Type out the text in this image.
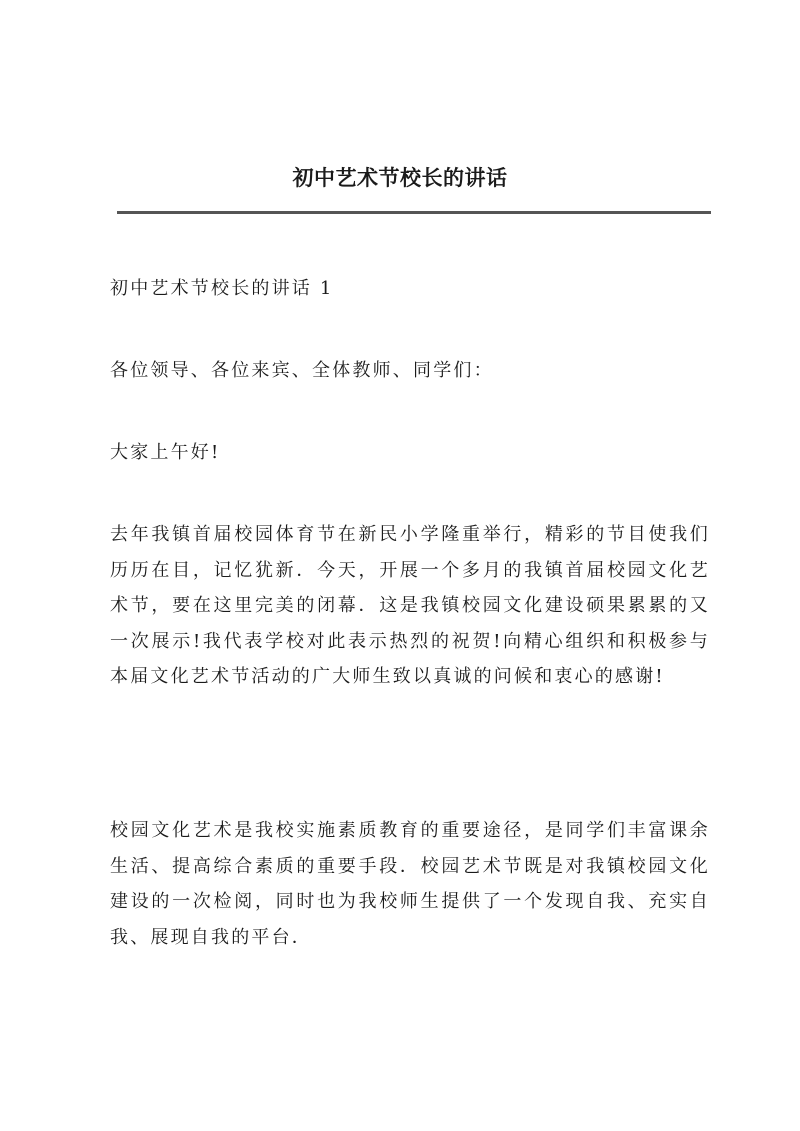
初中艺术节校长的讲话

初中艺术节校长的讲话 1

各位领导、各位来宾、全体教师、同学们：

大家上午好!

去年我镇首届校园体育节在新民小学隆重举行，精彩的节目使我们历历在目，记忆犹新．今天，开展一个多月的我镇首届校园文化艺术节，要在这里完美的闭幕．这是我镇校园文化建设硕果累累的又一次展示!我代表学校对此表示热烈的祝贺!向精心组织和积极参与本届文化艺术节活动的广大师生致以真诚的问候和衷心的感谢!

校园文化艺术是我校实施素质教育的重要途径，是同学们丰富课余生活、提高综合素质的重要手段．校园艺术节既是对我镇校园文化建设的一次检阅，同时也为我校师生提供了一个发现自我、充实自我、展现自我的平台．
